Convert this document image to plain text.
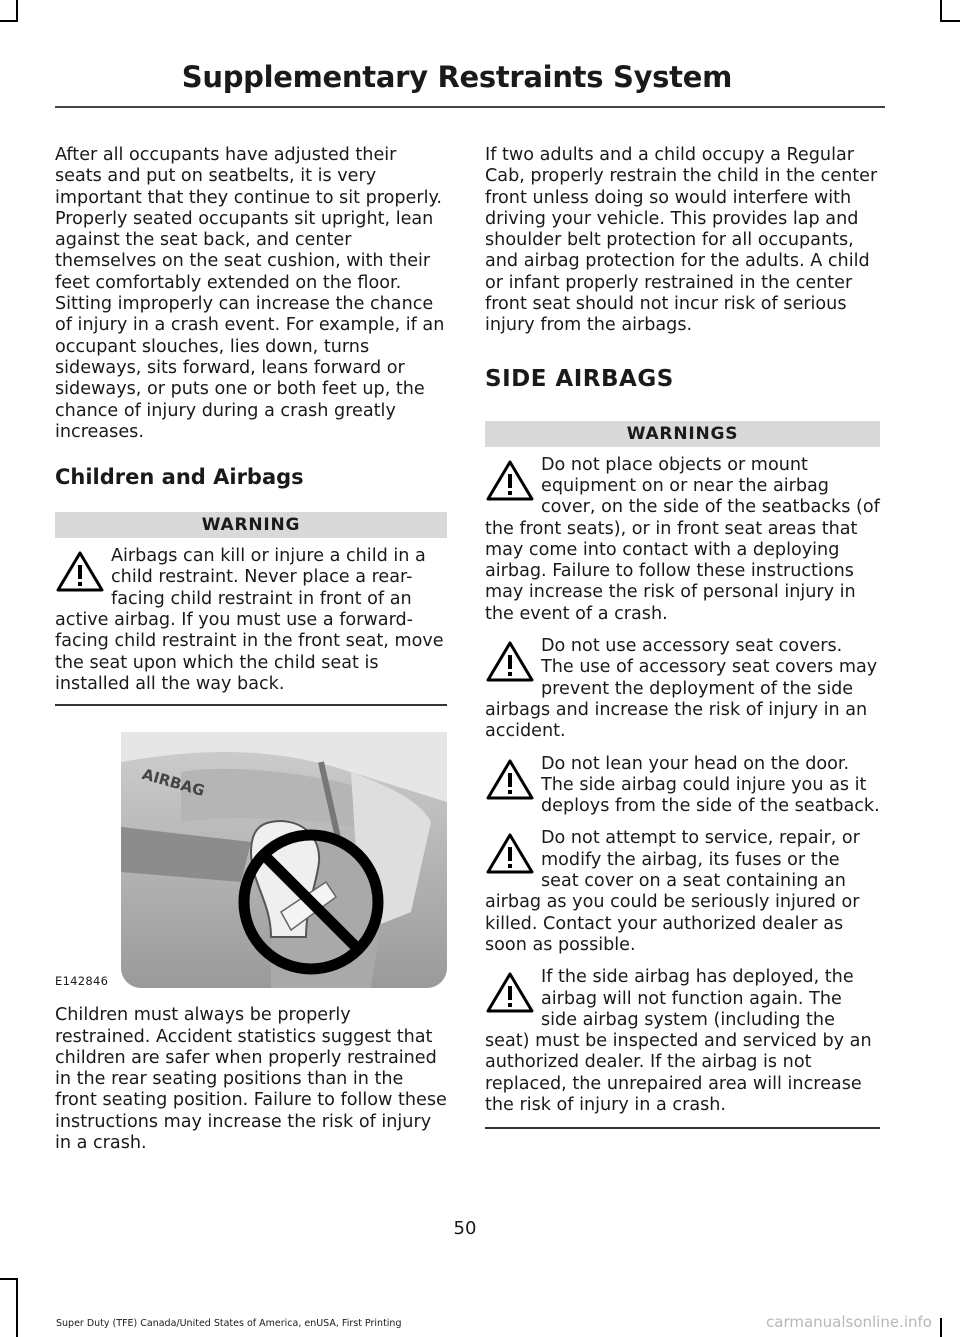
Supplementary Restraints System

After all occupants have adjusted their seats and put on seatbelts, it is very important that they continue to sit properly. Properly seated occupants sit upright, lean against the seat back, and center themselves on the seat cushion, with their feet comfortably extended on the floor. Sitting improperly can increase the chance of injury in a crash event. For example, if an occupant slouches, lies down, turns sideways, sits forward, leans forward or sideways, or puts one or both feet up, the chance of injury during a crash greatly increases.

Children and Airbags
WARNING
Airbags can kill or injure a child in a child restraint. Never place a rear-facing child restraint in front of an active airbag. If you must use a forward-facing child restraint in the front seat, move the seat upon which the child seat is installed all the way back.
AIRBAG
E142846

Children must always be properly restrained. Accident statistics suggest that children are safer when properly restrained in the rear seating positions than in the front seating position. Failure to follow these instructions may increase the risk of injury in a crash.

If two adults and a child occupy a Regular Cab, properly restrain the child in the center front unless doing so would interfere with driving your vehicle. This provides lap and shoulder belt protection for all occupants, and airbag protection for the adults. A child or infant properly restrained in the center front seat should not incur risk of serious injury from the airbags.

SIDE AIRBAGS
WARNINGS
Do not place objects or mount equipment on or near the airbag cover, on the side of the seatbacks (of the front seats), or in front seat areas that may come into contact with a deploying airbag. Failure to follow these instructions may increase the risk of personal injury in the event of a crash.
Do not use accessory seat covers. The use of accessory seat covers may prevent the deployment of the side airbags and increase the risk of injury in an accident.
Do not lean your head on the door. The side airbag could injure you as it deploys from the side of the seatback.
Do not attempt to service, repair, or modify the airbag, its fuses or the seat cover on a seat containing an airbag as you could be seriously injured or killed. Contact your authorized dealer as soon as possible.
If the side airbag has deployed, the airbag will not function again. The side airbag system (including the seat) must be inspected and serviced by an authorized dealer. If the airbag is not replaced, the unrepaired area will increase the risk of injury in a crash.
50
Super Duty (TFE) Canada/United States of America, enUSA, First Printing	carmanualsonline.info
